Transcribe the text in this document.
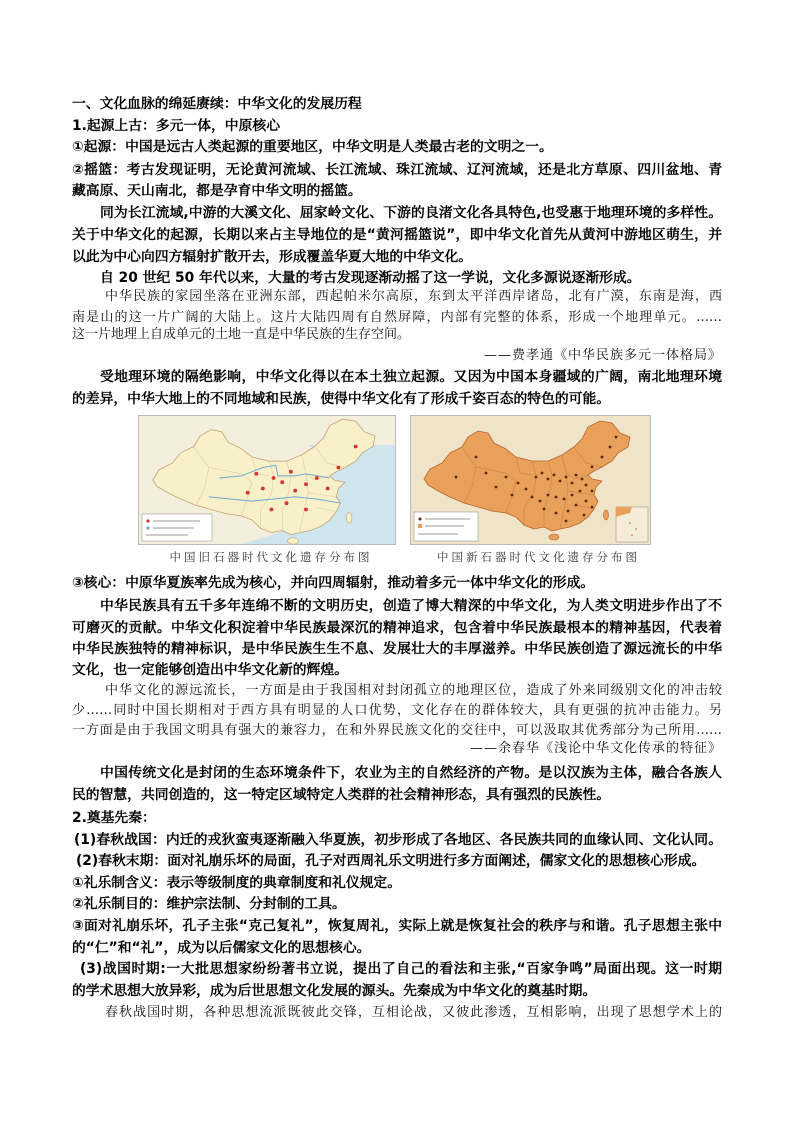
一、文化血脉的绵延赓续：中华文化的发展历程
1.起源上古：多元一体，中原核心
①起源：中国是远古人类起源的重要地区，中华文明是人类最古老的文明之一。
②摇篮：考古发现证明，无论黄河流域、长江流域、珠江流域、辽河流域，还是北方草原、四川盆地、青
藏高原、天山南北，都是孕育中华文明的摇篮。
同为长江流域,中游的大溪文化、屈家岭文化、下游的良渚文化各具特色,也受惠于地理环境的多样性。
关于中华文化的起源，长期以来占主导地位的是“黄河摇篮说”，即中华文化首先从黄河中游地区萌生，并
以此为中心向四方辐射扩散开去，形成覆盖华夏大地的中华文化。
自 20 世纪 50 年代以来，大量的考古发现逐渐动摇了这一学说，文化多源说逐渐形成。
中华民族的家园坐落在亚洲东部，西起帕米尔高原，东到太平洋西岸诸岛，北有广漠，东南是海，西
南是山的这一片广阔的大陆上。这片大陆四周有自然屏障，内部有完整的体系，形成一个地理单元。……
这一片地理上自成单元的土地一直是中华民族的生存空间。
——费孝通《中华民族多元一体格局》
受地理环境的隔绝影响，中华文化得以在本土独立起源。又因为中国本身疆域的广阔，南北地理环境
的差异，中华大地上的不同地域和民族，使得中华文化有了形成千姿百态的特色的可能。
中国旧石器时代文化遗存分布图	中国新石器时代文化遗存分布图
③核心：中原华夏族率先成为核心，并向四周辐射，推动着多元一体中华文化的形成。
中华民族具有五千多年连绵不断的文明历史，创造了博大精深的中华文化，为人类文明进步作出了不
可磨灭的贡献。中华文化积淀着中华民族最深沉的精神追求，包含着中华民族最根本的精神基因，代表着
中华民族独特的精神标识，是中华民族生生不息、发展壮大的丰厚滋养。中华民族创造了源远流长的中华
文化，也一定能够创造出中华文化新的辉煌。
中华文化的源远流长，一方面是由于我国相对封闭孤立的地理区位，造成了外来同级别文化的冲击较
少……同时中国长期相对于西方具有明显的人口优势，文化存在的群体较大，具有更强的抗冲击能力。另
一方面是由于我国文明具有强大的兼容力，在和外界民族文化的交往中，可以汲取其优秀部分为己所用……
——余春华《浅论中华文化传承的特征》
中国传统文化是封闭的生态环境条件下，农业为主的自然经济的产物。是以汉族为主体，融合各族人
民的智慧，共同创造的，这一特定区域特定人类群的社会精神形态，具有强烈的民族性。
2.奠基先秦：
(1)春秋战国：内迁的戎狄蛮夷逐渐融入华夏族，初步形成了各地区、各民族共同的血缘认同、文化认同。
(2)春秋末期：面对礼崩乐坏的局面，孔子对西周礼乐文明进行多方面阐述，儒家文化的思想核心形成。
①礼乐制含义：表示等级制度的典章制度和礼仪规定。
②礼乐制目的：维护宗法制、分封制的工具。
③面对礼崩乐坏，孔子主张“克己复礼”，恢复周礼，实际上就是恢复社会的秩序与和谐。孔子思想主张中
的“仁”和“礼”，成为以后儒家文化的思想核心。
(3)战国时期:一大批思想家纷纷著书立说，提出了自己的看法和主张,“百家争鸣”局面出现。这一时期
的学术思想大放异彩，成为后世思想文化发展的源头。先秦成为中华文化的奠基时期。
春秋战国时期，各种思想流派既彼此交锋，互相论战，又彼此渗透，互相影响，出现了思想学术上的
